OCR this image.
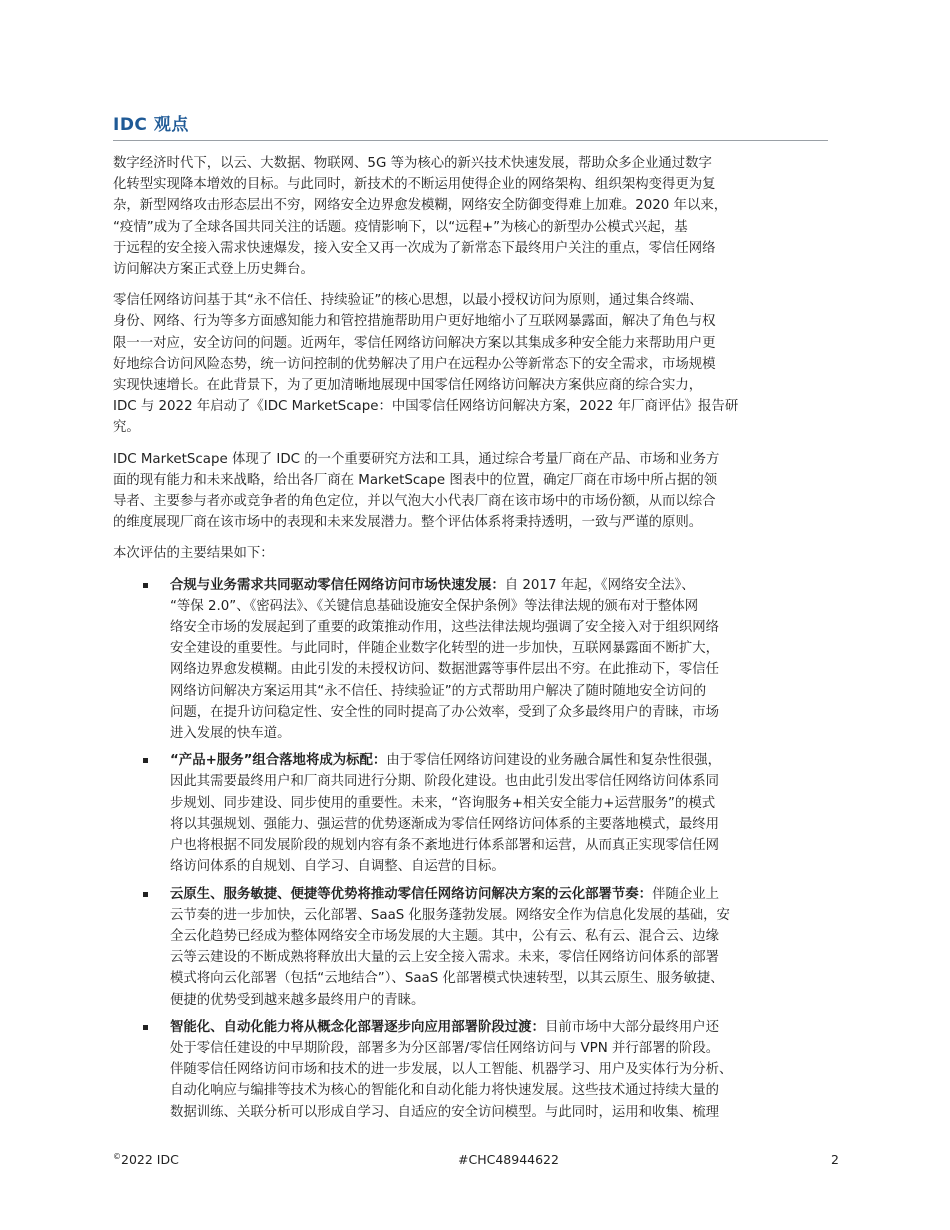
IDC 观点

数字经济时代下，以云、大数据、物联网、5G 等为核心的新兴技术快速发展，帮助众多企业通过数字
化转型实现降本增效的目标。与此同时，新技术的不断运用使得企业的网络架构、组织架构变得更为复
杂，新型网络攻击形态层出不穷，网络安全边界愈发模糊，网络安全防御变得难上加难。2020 年以来，
“疫情”成为了全球各国共同关注的话题。疫情影响下，以“远程+”为核心的新型办公模式兴起，基
于远程的安全接入需求快速爆发，接入安全又再一次成为了新常态下最终用户关注的重点，零信任网络
访问解决方案正式登上历史舞台。

零信任网络访问基于其“永不信任、持续验证”的核心思想，以最小授权访问为原则，通过集合终端、
身份、网络、行为等多方面感知能力和管控措施帮助用户更好地缩小了互联网暴露面，解决了角色与权
限一一对应，安全访问的问题。近两年，零信任网络访问解决方案以其集成多种安全能力来帮助用户更
好地综合访问风险态势，统一访问控制的优势解决了用户在远程办公等新常态下的安全需求，市场规模
实现快速增长。在此背景下，为了更加清晰地展现中国零信任网络访问解决方案供应商的综合实力，
IDC 与 2022 年启动了《IDC MarketScape：中国零信任网络访问解决方案，2022 年厂商评估》报告研
究。

IDC MarketScape 体现了 IDC 的一个重要研究方法和工具，通过综合考量厂商在产品、市场和业务方
面的现有能力和未来战略，给出各厂商在 MarketScape 图表中的位置，确定厂商在市场中所占据的领
导者、主要参与者亦或竞争者的角色定位，并以气泡大小代表厂商在该市场中的市场份额，从而以综合
的维度展现厂商在该市场中的表现和未来发展潜力。整个评估体系将秉持透明，一致与严谨的原则。

本次评估的主要结果如下：

合规与业务需求共同驱动零信任网络访问市场快速发展：自 2017 年起，《网络安全法》、
“等保 2.0”、《密码法》、《关键信息基础设施安全保护条例》等法律法规的颁布对于整体网
络安全市场的发展起到了重要的政策推动作用，这些法律法规均强调了安全接入对于组织网络
安全建设的重要性。与此同时，伴随企业数字化转型的进一步加快，互联网暴露面不断扩大，
网络边界愈发模糊。由此引发的未授权访问、数据泄露等事件层出不穷。在此推动下，零信任
网络访问解决方案运用其“永不信任、持续验证”的方式帮助用户解决了随时随地安全访问的
问题，在提升访问稳定性、安全性的同时提高了办公效率，受到了众多最终用户的青睐，市场
进入发展的快车道。
“产品+服务”组合落地将成为标配：由于零信任网络访问建设的业务融合属性和复杂性很强，
因此其需要最终用户和厂商共同进行分期、阶段化建设。也由此引发出零信任网络访问体系同
步规划、同步建设、同步使用的重要性。未来，“咨询服务+相关安全能力+运营服务”的模式
将以其强规划、强能力、强运营的优势逐渐成为零信任网络访问体系的主要落地模式，最终用
户也将根据不同发展阶段的规划内容有条不紊地进行体系部署和运营，从而真正实现零信任网
络访问体系的自规划、自学习、自调整、自运营的目标。
云原生、服务敏捷、便捷等优势将推动零信任网络访问解决方案的云化部署节奏：伴随企业上
云节奏的进一步加快，云化部署、SaaS 化服务蓬勃发展。网络安全作为信息化发展的基础，安
全云化趋势已经成为整体网络安全市场发展的大主题。其中，公有云、私有云、混合云、边缘
云等云建设的不断成熟将释放出大量的云上安全接入需求。未来，零信任网络访问体系的部署
模式将向云化部署（包括“云地结合”）、SaaS 化部署模式快速转型，以其云原生、服务敏捷、
便捷的优势受到越来越多最终用户的青睐。
智能化、自动化能力将从概念化部署逐步向应用部署阶段过渡：目前市场中大部分最终用户还
处于零信任建设的中早期阶段，部署多为分区部署/零信任网络访问与 VPN 并行部署的阶段。
伴随零信任网络访问市场和技术的进一步发展，以人工智能、机器学习、用户及实体行为分析、
自动化响应与编排等技术为核心的智能化和自动化能力将快速发展。这些技术通过持续大量的
数据训练、关联分析可以形成自学习、自适应的安全访问模型。与此同时，运用和收集、梳理
©2022 IDC	#CHC48944622	2
